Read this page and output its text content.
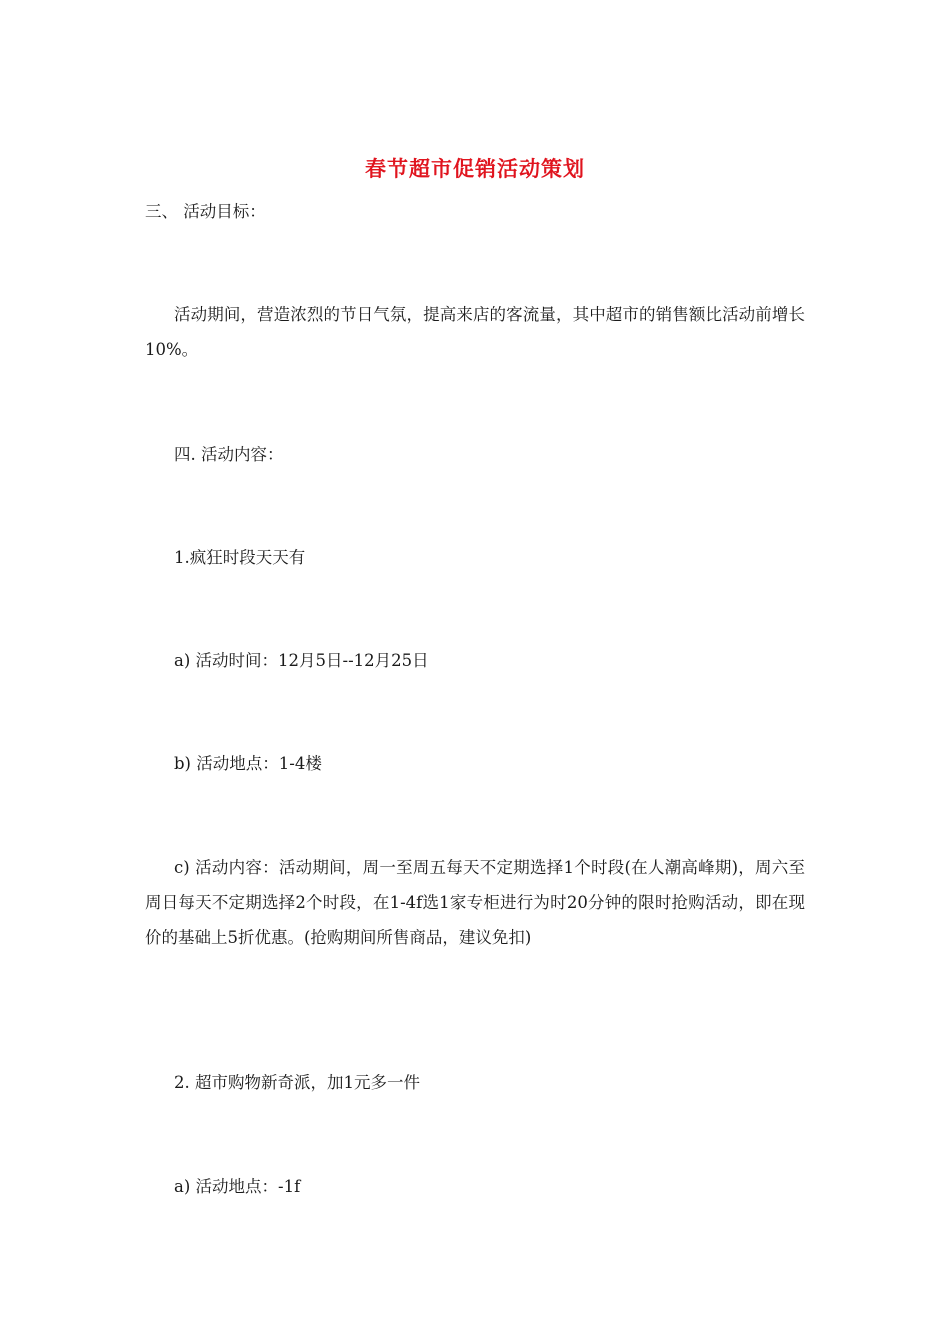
春节超市促销活动策划
三、 活动目标：
活动期间，营造浓烈的节日气氛，提高来店的客流量，其中超市的销售额比活动前增长10%。
四. 活动内容：
1.疯狂时段天天有
a) 活动时间：12月5日--12月25日
b) 活动地点：1-4楼
c) 活动内容：活动期间，周一至周五每天不定期选择1个时段(在人潮高峰期)，周六至周日每天不定期选择2个时段，在1-4f选1家专柜进行为时20分钟的限时抢购活动，即在现价的基础上5折优惠。(抢购期间所售商品，建议免扣)
2. 超市购物新奇派，加1元多一件
a) 活动地点：-1f
